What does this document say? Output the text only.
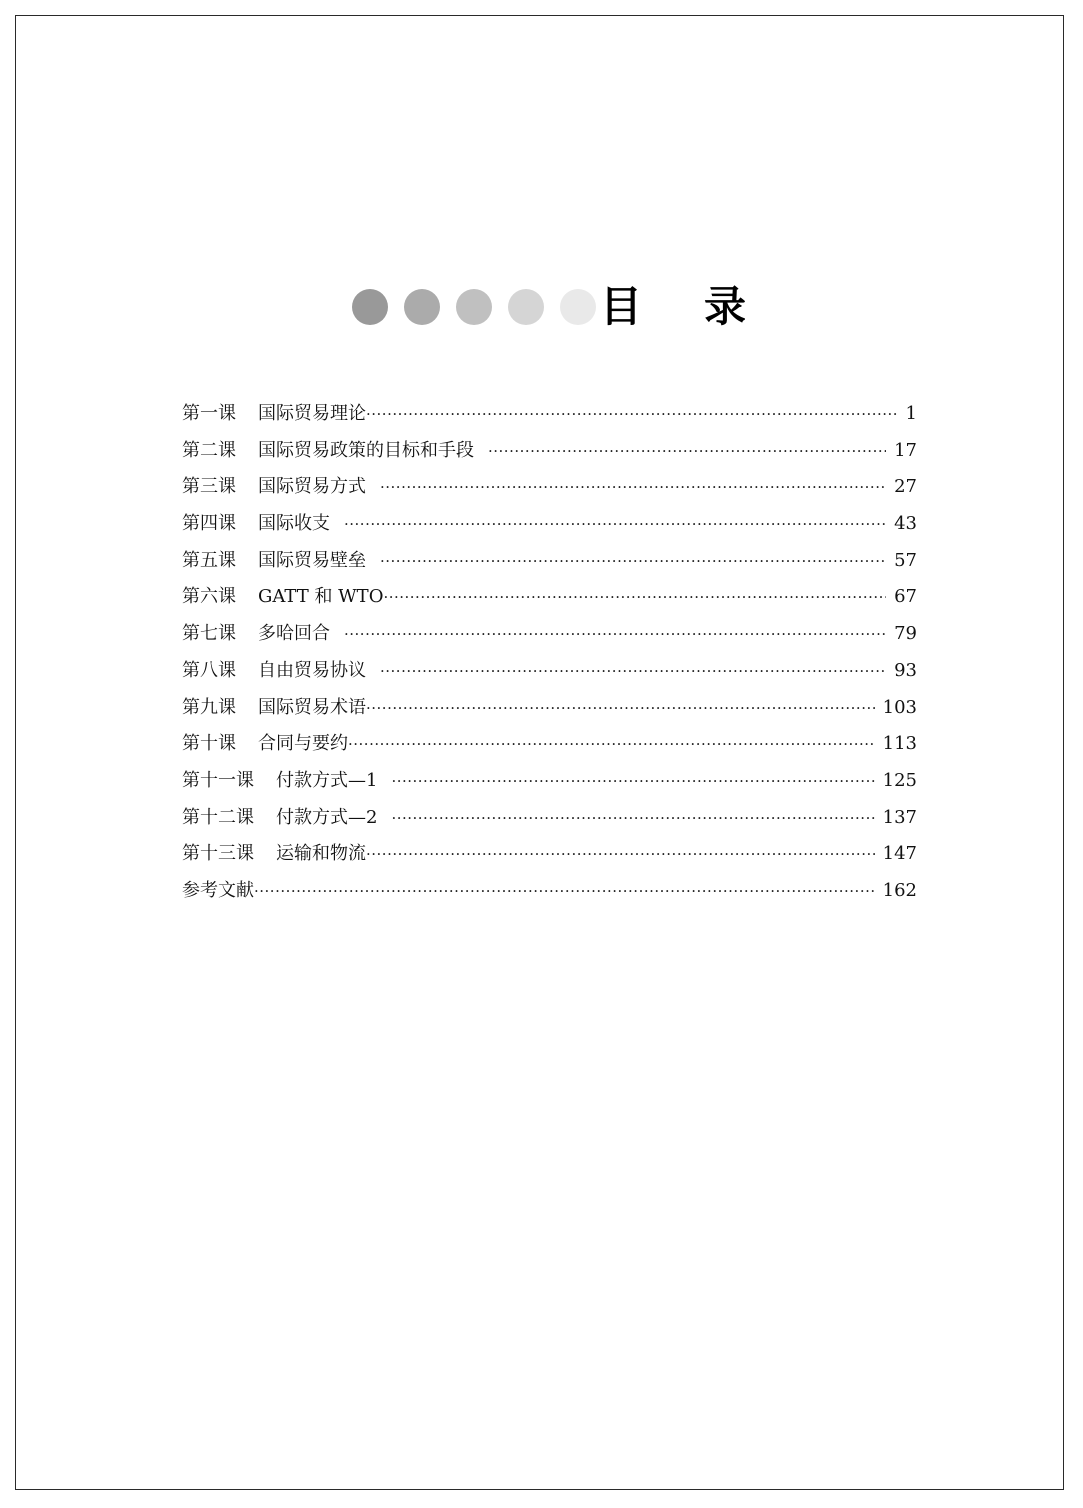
目 录
第一课 国际贸易理论 ·····	1
第二课 国际贸易政策的目标和手段 ·····	17
第三课 国际贸易方式 ·····	27
第四课 国际收支 ·····	43
第五课 国际贸易壁垒 ·····	57
第六课 GATT 和 WTO ·····	67
第七课 多哈回合 ·····	79
第八课 自由贸易协议 ·····	93
第九课 国际贸易术语 ·····	103
第十课 合同与要约 ·····	113
第十一课 付款方式—1 ·····	125
第十二课 付款方式—2 ·····	137
第十三课 运输和物流 ·····	147
参考文献 ·····	162
